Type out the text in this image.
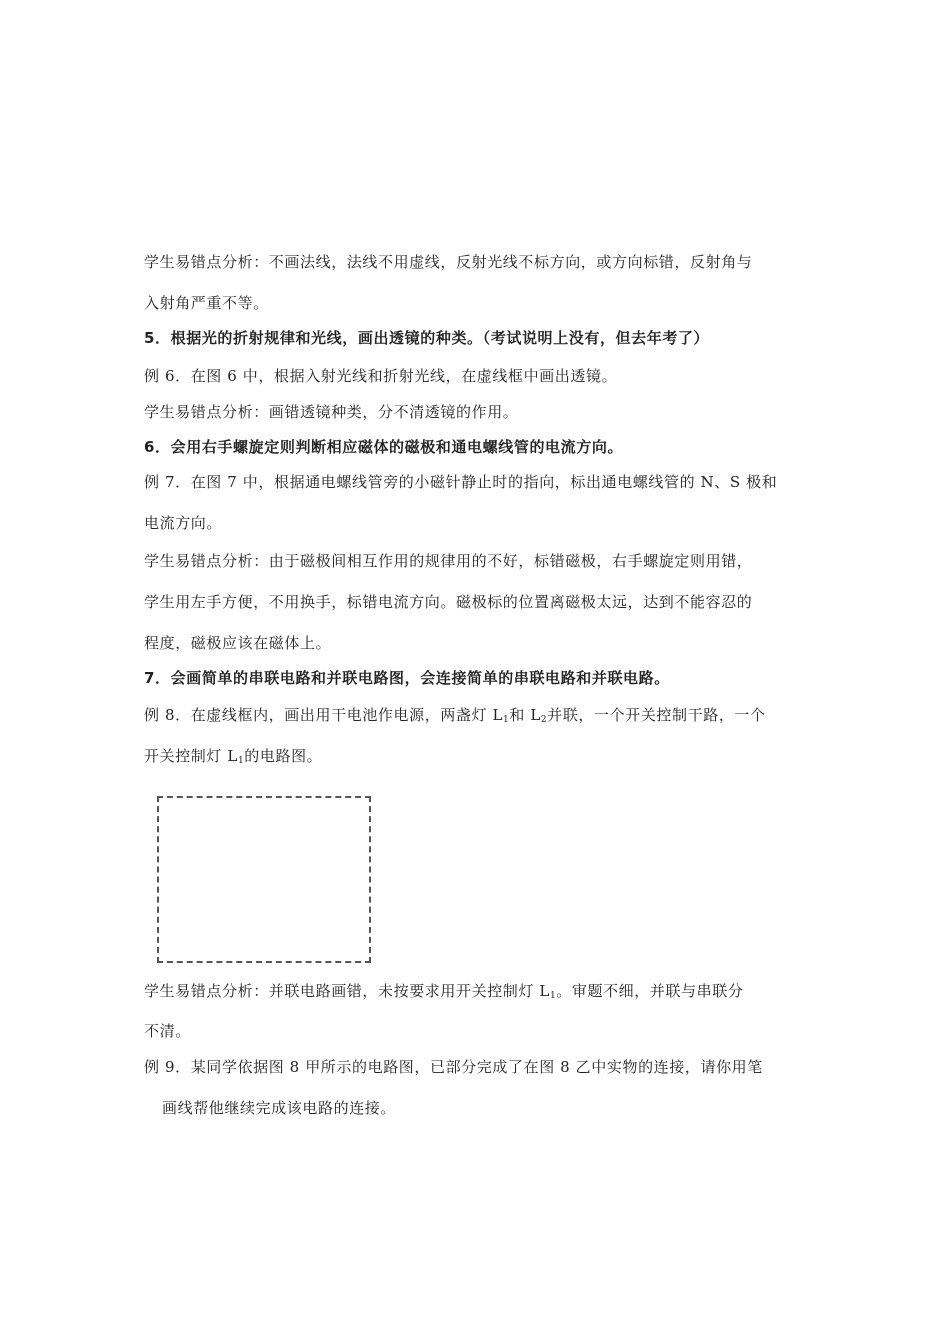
学生易错点分析：不画法线，法线不用虚线，反射光线不标方向，或方向标错，反射角与
入射角严重不等。
5．根据光的折射规律和光线，画出透镜的种类。（考试说明上没有，但去年考了）
例 6．在图 6 中，根据入射光线和折射光线，在虚线框中画出透镜。
学生易错点分析：画错透镜种类，分不清透镜的作用。
6．会用右手螺旋定则判断相应磁体的磁极和通电螺线管的电流方向。
例 7．在图 7 中，根据通电螺线管旁的小磁针静止时的指向，标出通电螺线管的 N、S 极和
电流方向。
学生易错点分析：由于磁极间相互作用的规律用的不好，标错磁极，右手螺旋定则用错，
学生用左手方便，不用换手，标错电流方向。磁极标的位置离磁极太远，达到不能容忍的
程度，磁极应该在磁体上。
7．会画简单的串联电路和并联电路图，会连接简单的串联电路和并联电路。
例 8．在虚线框内，画出用干电池作电源，两盏灯 $L_1$和 $L_2$并联，一个开关控制干路，一个
开关控制灯 $L_1$的电路图。
学生易错点分析：并联电路画错，未按要求用开关控制灯 $L_1$。审题不细，并联与串联分
不清。
例 9．某同学依据图 8 甲所示的电路图，已部分完成了在图 8 乙中实物的连接，请你用笔
画线帮他继续完成该电路的连接。
